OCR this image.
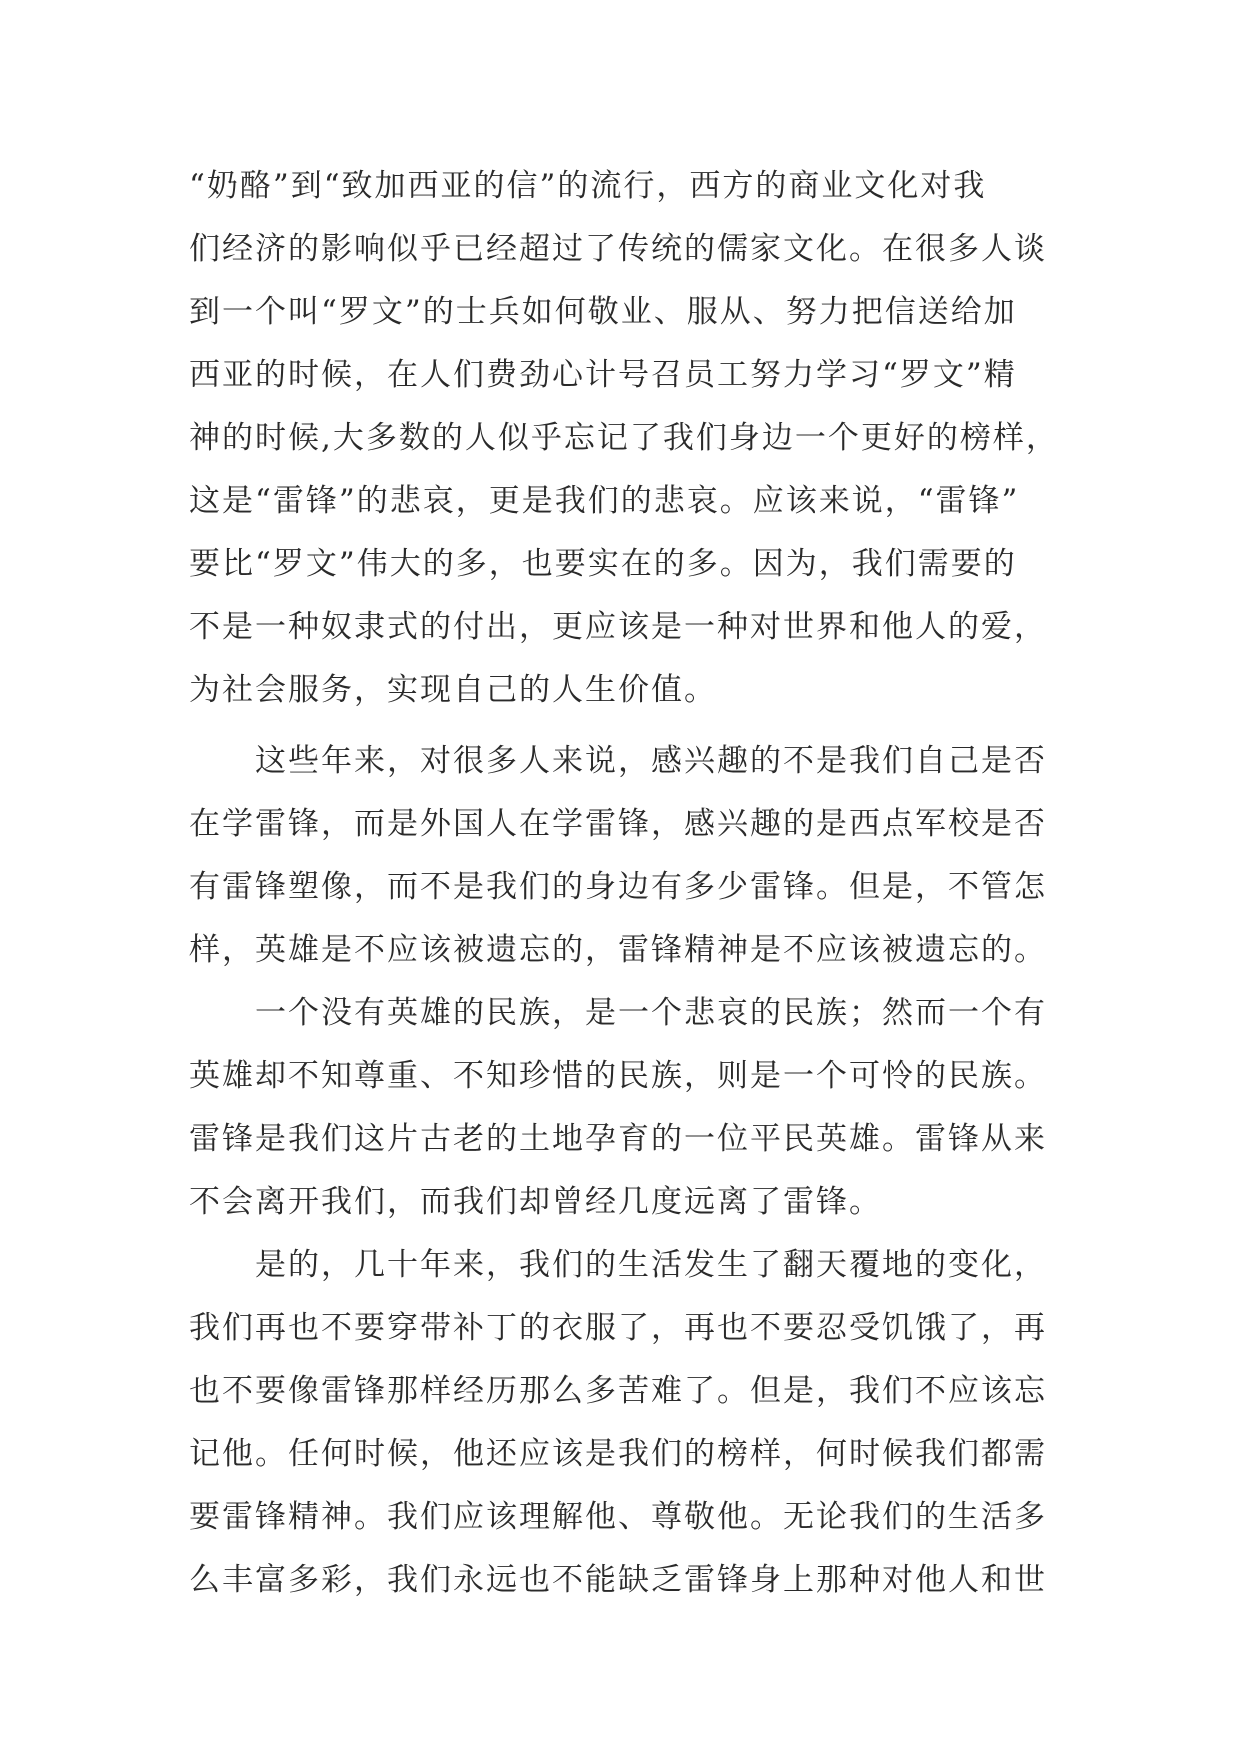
“奶酪”到“致加西亚的信”的流行，西方的商业文化对我
们经济的影响似乎已经超过了传统的儒家文化。在很多人谈
到一个叫“罗文”的士兵如何敬业、服从、努力把信送给加
西亚的时候，在人们费劲心计号召员工努力学习“罗文”精
神的时候,大多数的人似乎忘记了我们身边一个更好的榜样，
这是“雷锋”的悲哀，更是我们的悲哀。应该来说，“雷锋”
要比“罗文”伟大的多，也要实在的多。因为，我们需要的
不是一种奴隶式的付出，更应该是一种对世界和他人的爱，
为社会服务，实现自己的人生价值。
　　这些年来，对很多人来说，感兴趣的不是我们自己是否
在学雷锋，而是外国人在学雷锋，感兴趣的是西点军校是否
有雷锋塑像，而不是我们的身边有多少雷锋。但是，不管怎
样，英雄是不应该被遗忘的，雷锋精神是不应该被遗忘的。
　　一个没有英雄的民族，是一个悲哀的民族；然而一个有
英雄却不知尊重、不知珍惜的民族，则是一个可怜的民族。
雷锋是我们这片古老的土地孕育的一位平民英雄。雷锋从来
不会离开我们，而我们却曾经几度远离了雷锋。
　　是的，几十年来，我们的生活发生了翻天覆地的变化，
我们再也不要穿带补丁的衣服了，再也不要忍受饥饿了，再
也不要像雷锋那样经历那么多苦难了。但是，我们不应该忘
记他。任何时候，他还应该是我们的榜样，何时候我们都需
要雷锋精神。我们应该理解他、尊敬他。无论我们的生活多
么丰富多彩，我们永远也不能缺乏雷锋身上那种对他人和世
